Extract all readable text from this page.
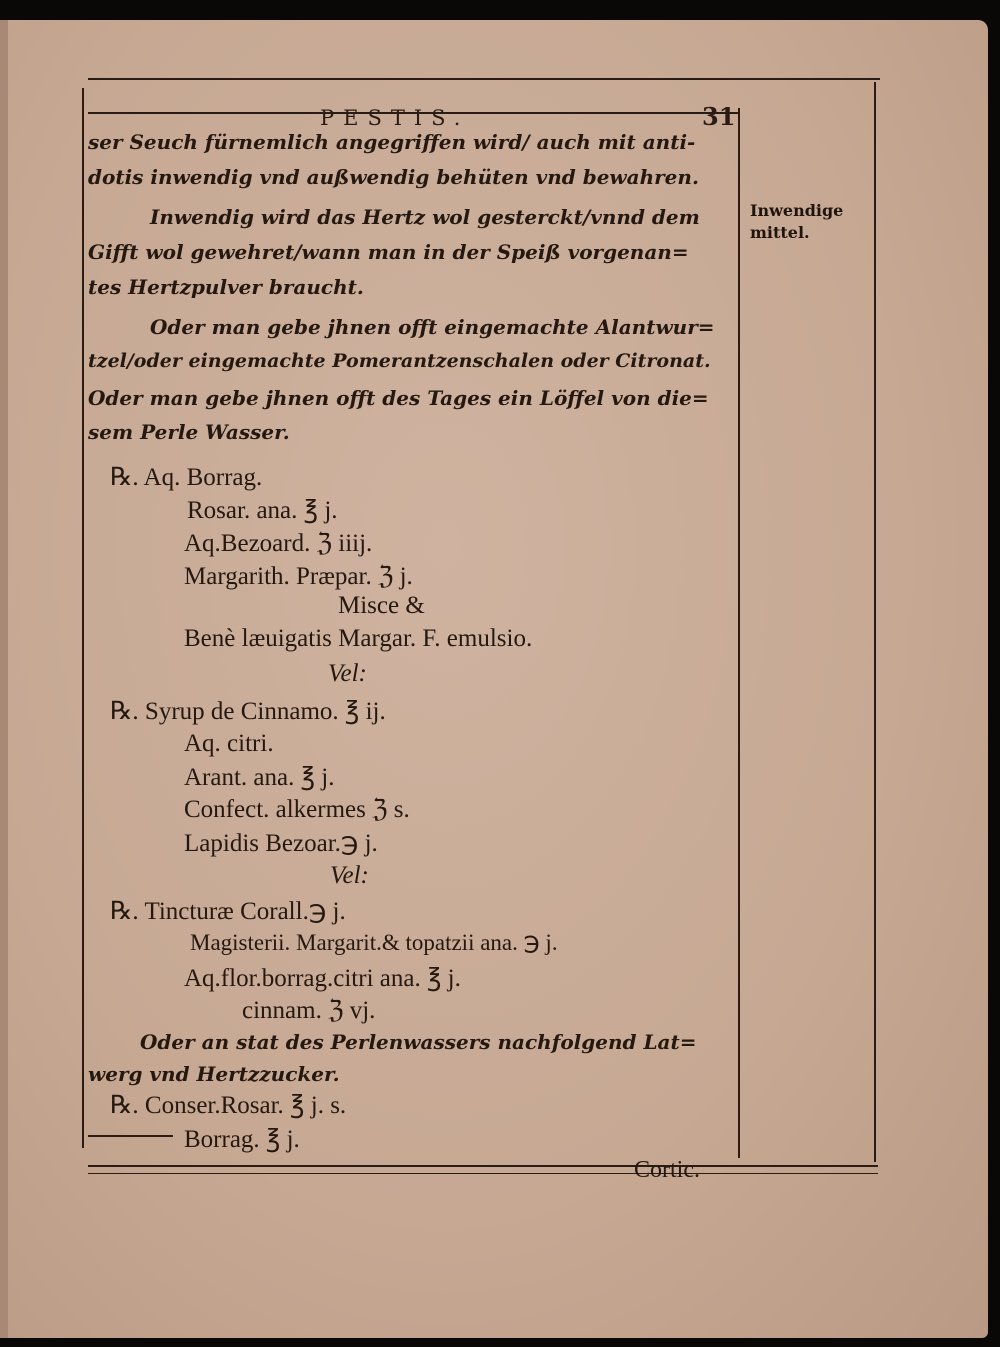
PESTIS.	31
Inwendige mittel.
ser Seuch fürnemlich angegriffen wird/ auch mit anti-
dotis inwendig vnd außwendig behüten vnd bewahren.
Inwendig wird das Hertz wol gesterckt/vnnd dem
Gifft wol gewehret/wann man in der Speiß vorgenan=
tes Hertzpulver braucht.
Oder man gebe jhnen offt eingemachte Alantwur=
tzel/oder eingemachte Pomerantzenschalen oder Citronat.
Oder man gebe jhnen offt des Tages ein Löffel von die=
sem Perle Wasser.
℞. Aq. Borrag.
Rosar. ana. ℥ j.
Aq.Bezoard. ℨ iiij.
Margarith. Præpar. ℨ j.
Misce &
Benè læuigatis Margar. F. emulsio.
Vel:
℞. Syrup de Cinnamo. ℥ ij.
Aq. citri.
Arant. ana. ℥ j.
Confect. alkermes ℨ s.
Lapidis Bezoar.℈ j.
Vel:
℞. Tincturæ Corall.℈ j.
Magisterii. Margarit.& topatzii ana. ℈ j.
Aq.flor.borrag.citri ana. ℥ j.
cinnam. ℨ vj.
Oder an stat des Perlenwassers nachfolgend Lat=
werg vnd Hertzzucker.
℞. Conser.Rosar. ℥ j. s.
Borrag. ℥ j.
Cortic.
